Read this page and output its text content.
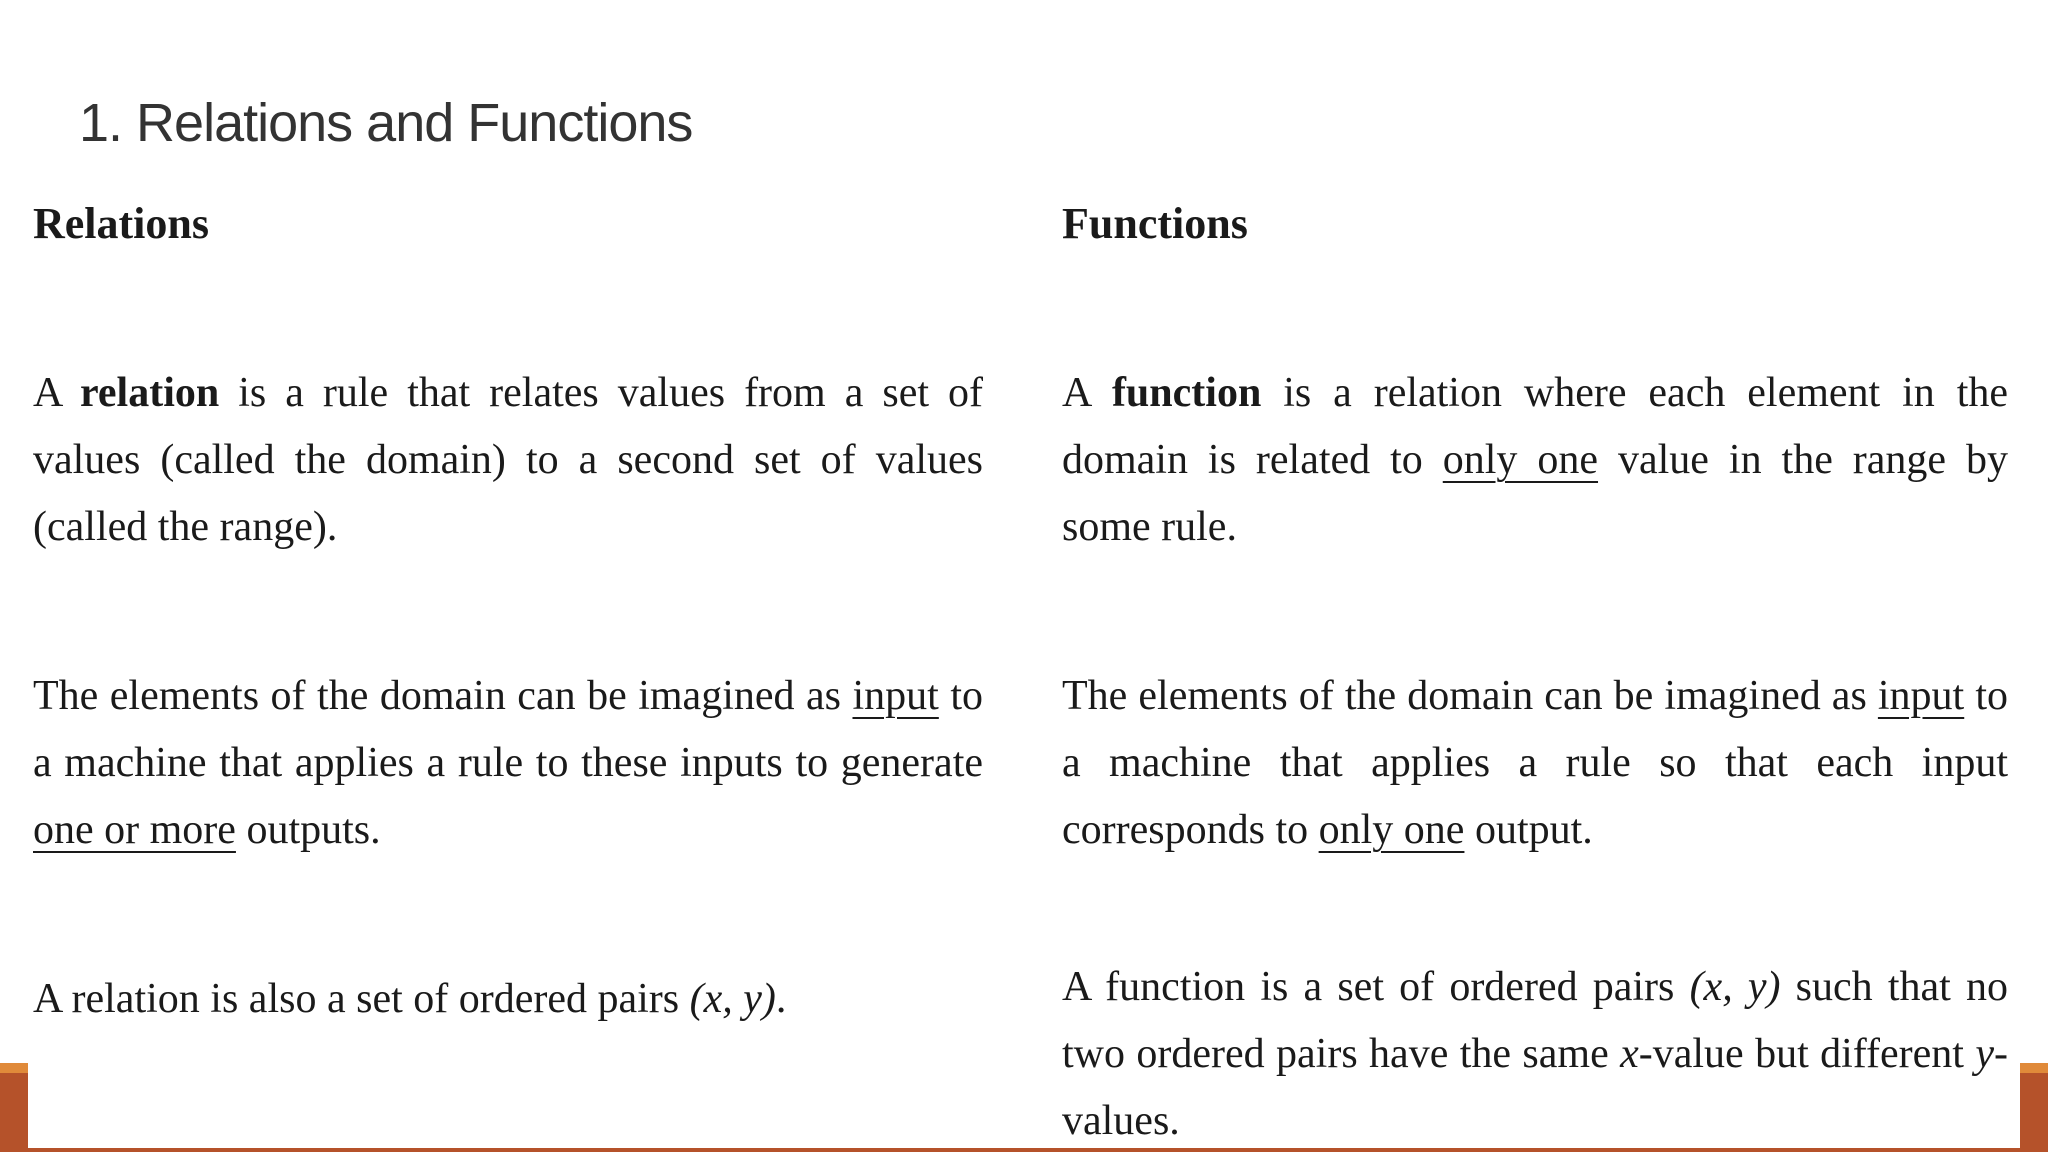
1. Relations and Functions
Relations

A relation is a rule that relates values from a set of values (called the domain) to a second set of values (called the range).

The elements of the domain can be imagined as input to a machine that applies a rule to these inputs to generate one or more outputs.

A relation is also a set of ordered pairs (x, y).

Functions

A function is a relation where each element in the domain is related to only one value in the range by some rule.

The elements of the domain can be imagined as input to a machine that applies a rule so that each input corresponds to only one output.

A function is a set of ordered pairs (x, y) such that no two ordered pairs have the same x-value but different y-values.
